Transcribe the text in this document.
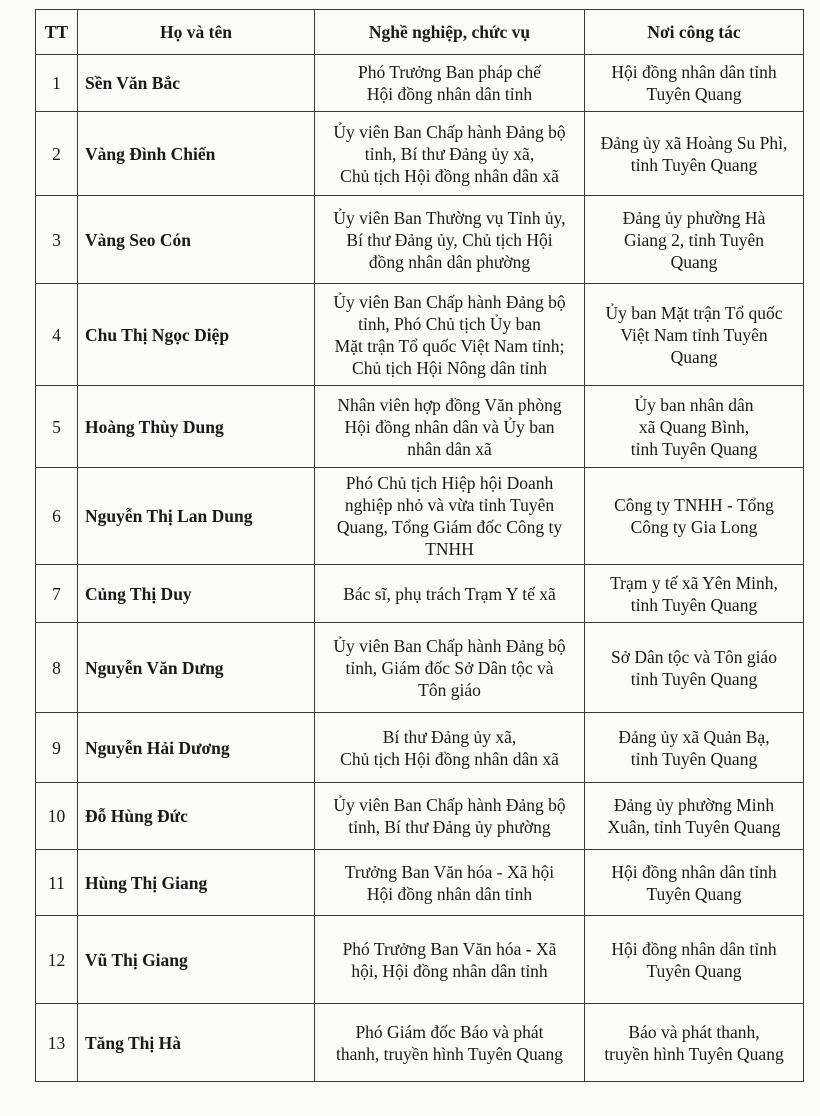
TT	Họ và tên	Nghề nghiệp, chức vụ	Nơi công tác
1	Sền Văn Bắc	Phó Trưởng Ban pháp chế
Hội đồng nhân dân tỉnh	Hội đồng nhân dân tỉnh
Tuyên Quang

2	Vàng Đình Chiến	Ủy viên Ban Chấp hành Đảng bộ
tỉnh, Bí thư Đảng ủy xã,
Chủ tịch Hội đồng nhân dân xã	Đảng ủy xã Hoàng Su Phì,
tỉnh Tuyên Quang

3	Vàng Seo Cón	Ủy viên Ban Thường vụ Tỉnh ủy,
Bí thư Đảng ủy, Chủ tịch Hội
đồng nhân dân phường	Đảng ủy phường Hà
Giang 2, tỉnh Tuyên
Quang

4	Chu Thị Ngọc Diệp	Ủy viên Ban Chấp hành Đảng bộ
tỉnh, Phó Chủ tịch Ủy ban
Mặt trận Tổ quốc Việt Nam tỉnh;
Chủ tịch Hội Nông dân tỉnh	Ủy ban Mặt trận Tổ quốc
Việt Nam tỉnh Tuyên
Quang

5	Hoàng Thùy Dung	Nhân viên hợp đồng Văn phòng
Hội đồng nhân dân và Ủy ban
nhân dân xã	Ủy ban nhân dân
xã Quang Bình,
tỉnh Tuyên Quang

6	Nguyễn Thị Lan Dung	Phó Chủ tịch Hiệp hội Doanh
nghiệp nhỏ và vừa tỉnh Tuyên
Quang, Tổng Giám đốc Công ty
TNHH	Công ty TNHH - Tổng
Công ty Gia Long

7	Củng Thị Duy	Bác sĩ, phụ trách Trạm Y tế xã	Trạm y tế xã Yên Minh,
tỉnh Tuyên Quang

8	Nguyễn Văn Dưng	Ủy viên Ban Chấp hành Đảng bộ
tỉnh, Giám đốc Sở Dân tộc và
Tôn giáo	Sở Dân tộc và Tôn giáo
tỉnh Tuyên Quang

9	Nguyễn Hải Dương	Bí thư Đảng ủy xã,
Chủ tịch Hội đồng nhân dân xã	Đảng ủy xã Quản Bạ,
tỉnh Tuyên Quang

10	Đỗ Hùng Đức	Ủy viên Ban Chấp hành Đảng bộ
tỉnh, Bí thư Đảng ủy phường	Đảng ủy phường Minh
Xuân, tỉnh Tuyên Quang

11	Hùng Thị Giang	Trưởng Ban Văn hóa - Xã hội
Hội đồng nhân dân tỉnh	Hội đồng nhân dân tỉnh
Tuyên Quang

12	Vũ Thị Giang	Phó Trưởng Ban Văn hóa - Xã
hội, Hội đồng nhân dân tỉnh	Hội đồng nhân dân tỉnh
Tuyên Quang

13	Tăng Thị Hà	Phó Giám đốc Báo và phát
thanh, truyền hình Tuyên Quang	Báo và phát thanh,
truyền hình Tuyên Quang
